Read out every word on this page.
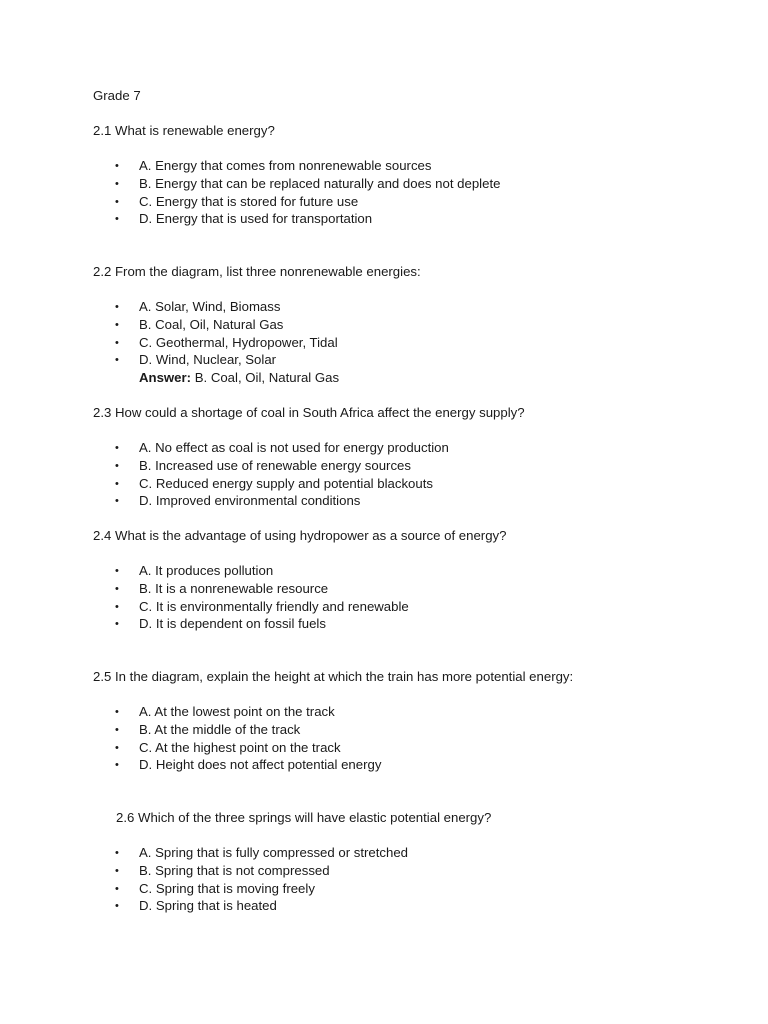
Grade 7

2.1 What is renewable energy?

• A. Energy that comes from nonrenewable sources
• B. Energy that can be replaced naturally and does not deplete
• C. Energy that is stored for future use
• D. Energy that is used for transportation

2.2 From the diagram, list three nonrenewable energies:

• A. Solar, Wind, Biomass
• B. Coal, Oil, Natural Gas
• C. Geothermal, Hydropower, Tidal
• D. Wind, Nuclear, Solar

Answer: B. Coal, Oil, Natural Gas

2.3 How could a shortage of coal in South Africa affect the energy supply?

• A. No effect as coal is not used for energy production
• B. Increased use of renewable energy sources
• C. Reduced energy supply and potential blackouts
• D. Improved environmental conditions

2.4 What is the advantage of using hydropower as a source of energy?

• A. It produces pollution
• B. It is a nonrenewable resource
• C. It is environmentally friendly and renewable
• D. It is dependent on fossil fuels

2.5 In the diagram, explain the height at which the train has more potential energy:

• A. At the lowest point on the track
• B. At the middle of the track
• C. At the highest point on the track
• D. Height does not affect potential energy

2.6 Which of the three springs will have elastic potential energy?

• A. Spring that is fully compressed or stretched
• B. Spring that is not compressed
• C. Spring that is moving freely
• D. Spring that is heated
